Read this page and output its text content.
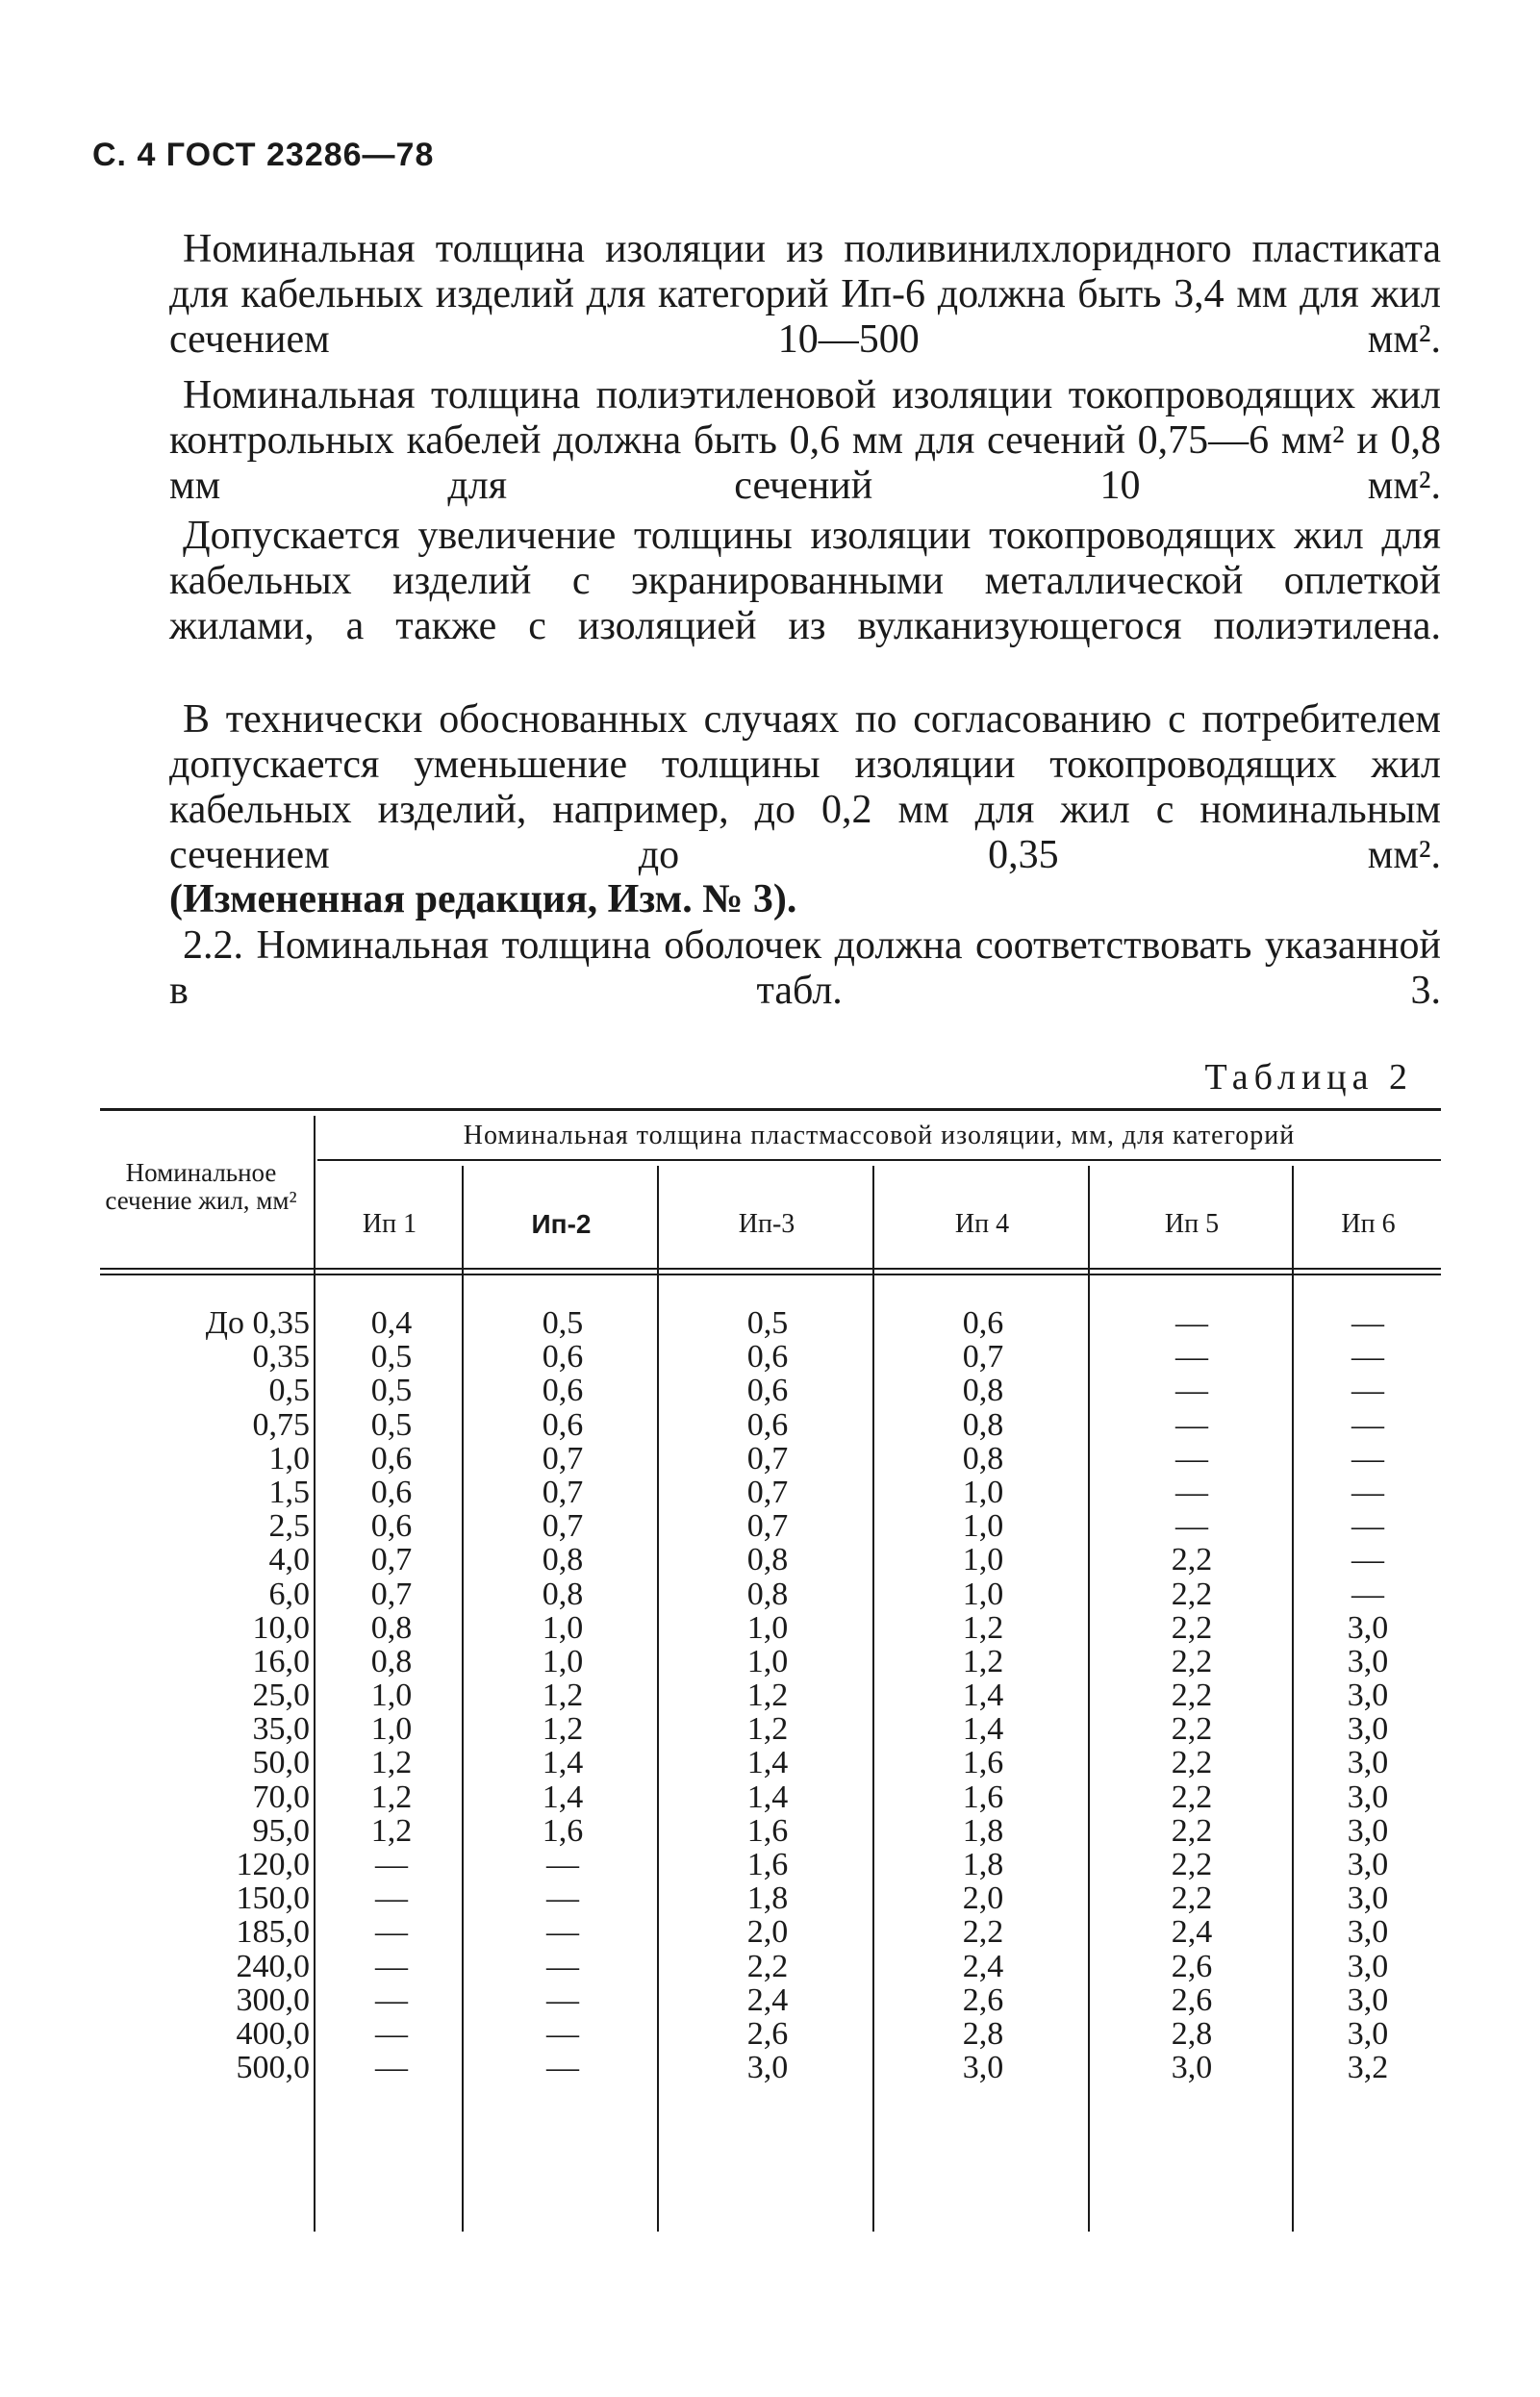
С. 4 ГОСТ 23286—78

Номинальная толщина изоляции из поливинилхлоридного пластиката для кабельных изделий для категорий Ип-6 должна быть 3,4 мм для жил сечением 10—500 мм².

Номинальная толщина полиэтиленовой изоляции токопроводящих жил контрольных кабелей должна быть 0,6 мм для сечений 0,75—6 мм² и 0,8 мм для сечений 10 мм².

Допускается увеличение толщины изоляции токопроводящих жил для кабельных изделий с экранированными металлической оплеткой жилами, а также с изоляцией из вулканизующегося полиэтилена.

В технически обоснованных случаях по согласованию с потребителем допускается уменьшение толщины изоляции токопроводящих жил кабельных изделий, например, до 0,2 мм для жил с номинальным сечением до 0,35 мм².

(Измененная редакция, Изм. № 3).

2.2. Номинальная толщина оболочек должна соответствовать указанной в табл. 3.

Таблица 2
Номинальная толщина пластмассовой изоляции, мм, для категорий
Номинальное сечение жил, мм²
Ип 1	Ип-2	Ип-3	Ип 4	Ип 5	Ип 6
До 0,35	0,4	0,5	0,5	0,6	—	—
0,35	0,5	0,6	0,6	0,7	—	—
0,5	0,5	0,6	0,6	0,8	—	—
0,75	0,5	0,6	0,6	0,8	—	—
1,0	0,6	0,7	0,7	0,8	—	—
1,5	0,6	0,7	0,7	1,0	—	—
2,5	0,6	0,7	0,7	1,0	—	—
4,0	0,7	0,8	0,8	1,0	2,2	—
6,0	0,7	0,8	0,8	1,0	2,2	—
10,0	0,8	1,0	1,0	1,2	2,2	3,0
16,0	0,8	1,0	1,0	1,2	2,2	3,0
25,0	1,0	1,2	1,2	1,4	2,2	3,0
35,0	1,0	1,2	1,2	1,4	2,2	3,0
50,0	1,2	1,4	1,4	1,6	2,2	3,0
70,0	1,2	1,4	1,4	1,6	2,2	3,0
95,0	1,2	1,6	1,6	1,8	2,2	3,0
120,0	—	—	1,6	1,8	2,2	3,0
150,0	—	—	1,8	2,0	2,2	3,0
185,0	—	—	2,0	2,2	2,4	3,0
240,0	—	—	2,2	2,4	2,6	3,0
300,0	—	—	2,4	2,6	2,6	3,0
400,0	—	—	2,6	2,8	2,8	3,0
500,0	—	—	3,0	3,0	3,0	3,2
